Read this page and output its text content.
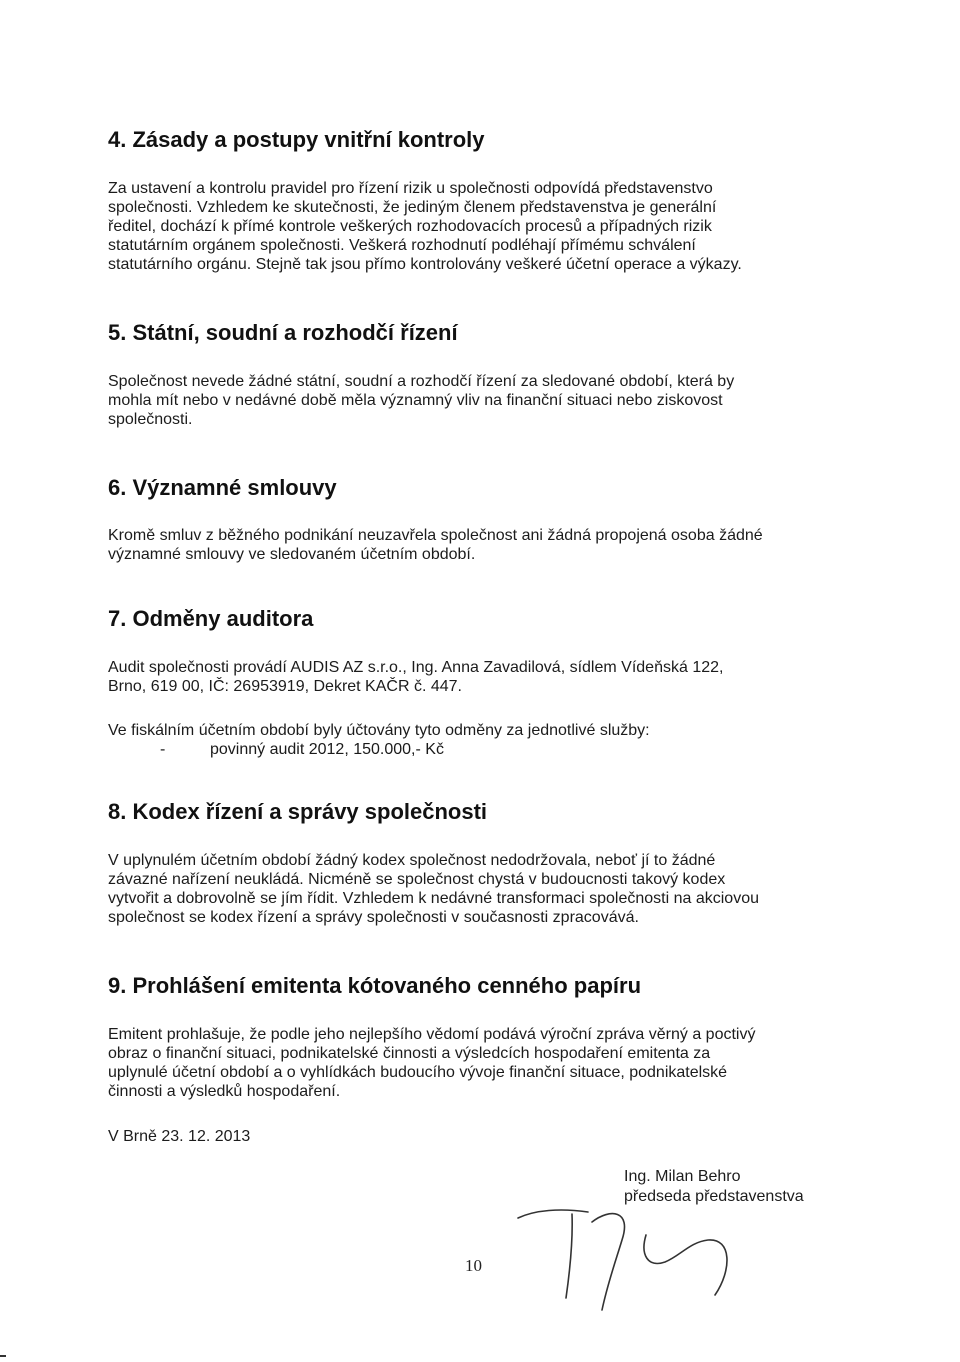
4. Zásady a postupy vnitřní kontroly

Za ustavení a kontrolu pravidel pro řízení rizik u společnosti odpovídá představenstvo

společnosti. Vzhledem ke skutečnosti, že jediným členem představenstva je generální

ředitel, dochází k přímé kontrole veškerých rozhodovacích procesů a případných rizik

statutárním orgánem společnosti. Veškerá rozhodnutí podléhají přímému schválení

statutárního orgánu. Stejně tak jsou přímo kontrolovány veškeré účetní operace a výkazy.

5. Státní, soudní a rozhodčí řízení

Společnost nevede žádné státní, soudní a rozhodčí řízení za sledované období, která by

mohla mít nebo v nedávné době měla významný vliv na finanční situaci nebo ziskovost

společnosti.

6. Významné smlouvy

Kromě smluv z běžného podnikání neuzavřela společnost ani žádná propojená osoba žádné

významné smlouvy ve sledovaném účetním období.

7. Odměny auditora

Audit společnosti provádí AUDIS AZ s.r.o., Ing. Anna Zavadilová, sídlem Vídeňská 122,

Brno, 619 00, IČ: 26953919, Dekret KAČR č. 447.

Ve fiskálním účetním období byly účtovány tyto odměny za jednotlivé služby:
-	povinný audit 2012, 150.000,- Kč
8. Kodex řízení a správy společnosti

V uplynulém účetním období žádný kodex společnost nedodržovala, neboť jí to žádné

závazné nařízení neukládá. Nicméně se společnost chystá v budoucnosti takový kodex

vytvořit a dobrovolně se jím řídit. Vzhledem k nedávné transformaci společnosti na akciovou

společnost se kodex řízení a správy společnosti v současnosti zpracovává.

9. Prohlášení emitenta kótovaného cenného papíru

Emitent prohlašuje, že podle jeho nejlepšího vědomí podává výroční zpráva věrný a poctivý

obraz o finanční situaci, podnikatelské činnosti a výsledcích hospodaření emitenta za

uplynulé účetní období a o vyhlídkách budoucího vývoje finanční situace, podnikatelské

činnosti a výsledků hospodaření.

V Brně 23. 12. 2013
Ing. Milan Behro
předseda představenstva
10
